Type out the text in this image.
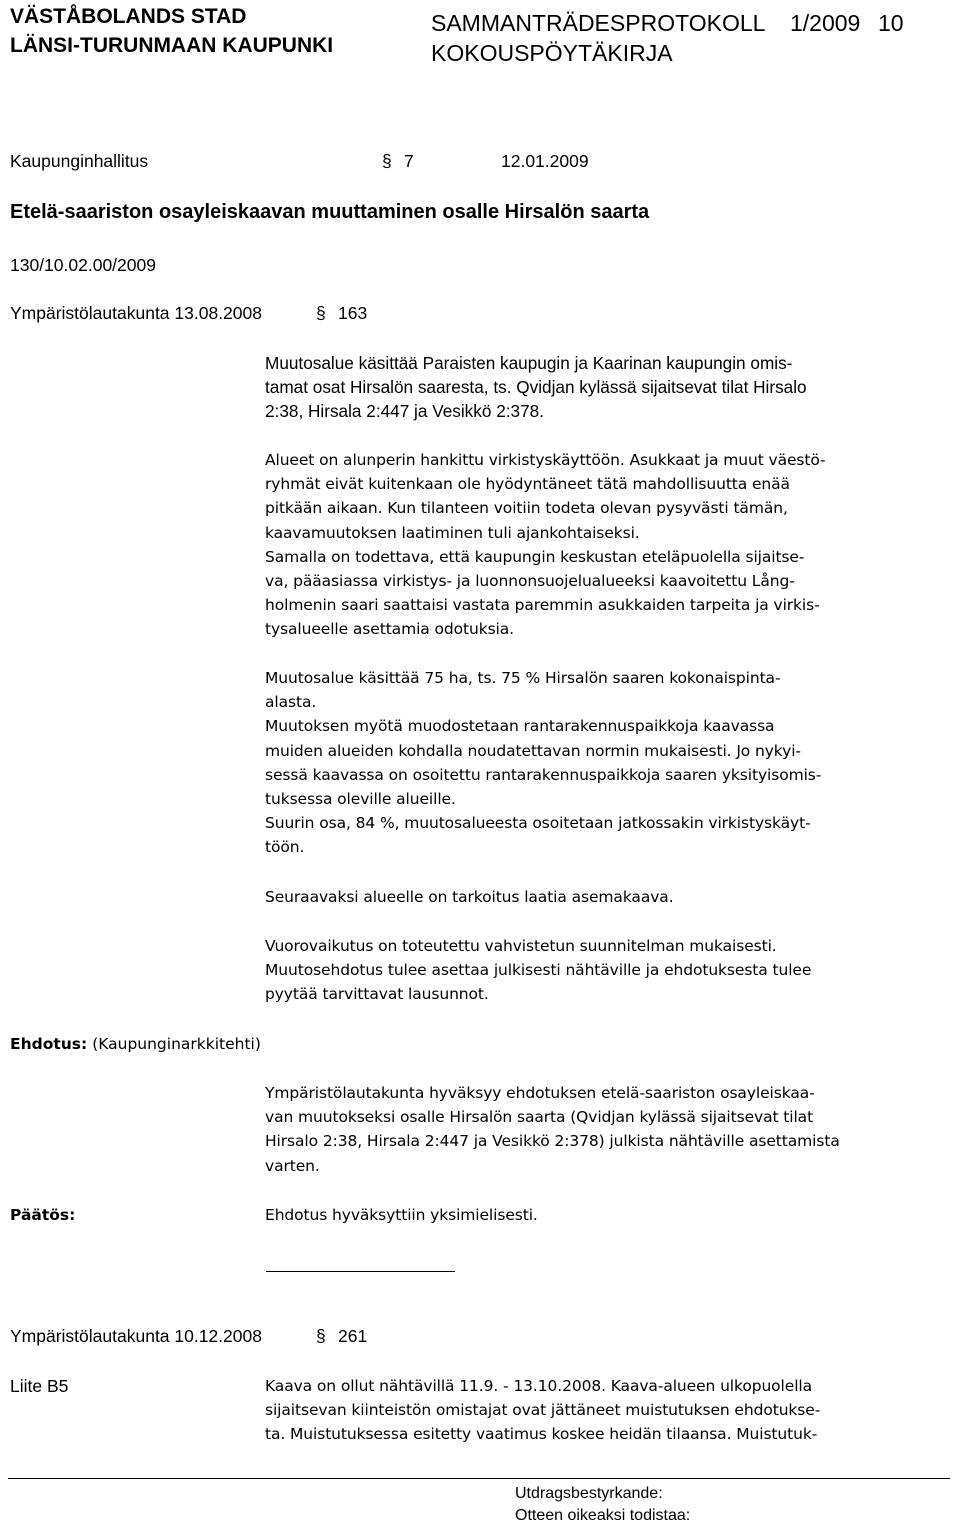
VÄSTÅBOLANDS STAD
LÄNSI-TURUNMAAN KAUPUNKI
SAMMANTRÄDESPROTOKOLL
KOKOUSPÖYTÄKIRJA
1/2009 10
Kaupunginhallitus	§ 7	12.01.2009
Etelä-saariston osayleiskaavan muuttaminen osalle Hirsalön saarta
130/10.02.00/2009
Ympäristölautakunta 13.08.2008	§ 163

Muutosalue käsittää Paraisten kaupugin ja Kaarinan kaupungin omis-

tamat osat Hirsalön saaresta, ts. Qvidjan kylässä sijaitsevat tilat Hirsalo

2:38, Hirsala 2:447 ja Vesikkö 2:378.

Alueet on alunperin hankittu virkistyskäyttöön. Asukkaat ja muut väestö-

ryhmät eivät kuitenkaan ole hyödyntäneet tätä mahdollisuutta enää

pitkään aikaan. Kun tilanteen voitiin todeta olevan pysyvästi tämän,

kaavamuutoksen laatiminen tuli ajankohtaiseksi.

Samalla on todettava, että kaupungin keskustan eteläpuolella sijaitse-

va, pääasiassa virkistys- ja luonnonsuojelualueeksi kaavoitettu Lång-

holmenin saari saattaisi vastata paremmin asukkaiden tarpeita ja virkis-

tysalueelle asettamia odotuksia.

Muutosalue käsittää 75 ha, ts. 75 % Hirsalön saaren kokonaispinta-

alasta.

Muutoksen myötä muodostetaan rantarakennuspaikkoja kaavassa

muiden alueiden kohdalla noudatettavan normin mukaisesti. Jo nykyi-

sessä kaavassa on osoitettu rantarakennuspaikkoja saaren yksityisomis-

tuksessa oleville alueille.

Suurin osa, 84 %, muutosalueesta osoitetaan jatkossakin virkistyskäyt-

töön.

Seuraavaksi alueelle on tarkoitus laatia asemakaava.

Vuorovaikutus on toteutettu vahvistetun suunnitelman mukaisesti.

Muutosehdotus tulee asettaa julkisesti nähtäville ja ehdotuksesta tulee

pyytää tarvittavat lausunnot.

Ehdotus: (Kaupunginarkkitehti)

Ympäristölautakunta hyväksyy ehdotuksen etelä-saariston osayleiskaa-

van muutokseksi osalle Hirsalön saarta (Qvidjan kylässä sijaitsevat tilat

Hirsalo 2:38, Hirsala 2:447 ja Vesikkö 2:378) julkista nähtäville asettamista

varten.

Päätös:	Ehdotus hyväksyttiin yksimielisesti.

Ympäristölautakunta 10.12.2008	§ 261
Liite B5	Kaava on ollut nähtävillä 11.9. - 13.10.2008. Kaava-alueen ulkopuolella

sijaitsevan kiinteistön omistajat ovat jättäneet muistutuksen ehdotukse-

ta. Muistutuksessa esitetty vaatimus koskee heidän tilaansa. Muistutuk-

Utdragsbestyrkande:
Otteen oikeaksi todistaa:
